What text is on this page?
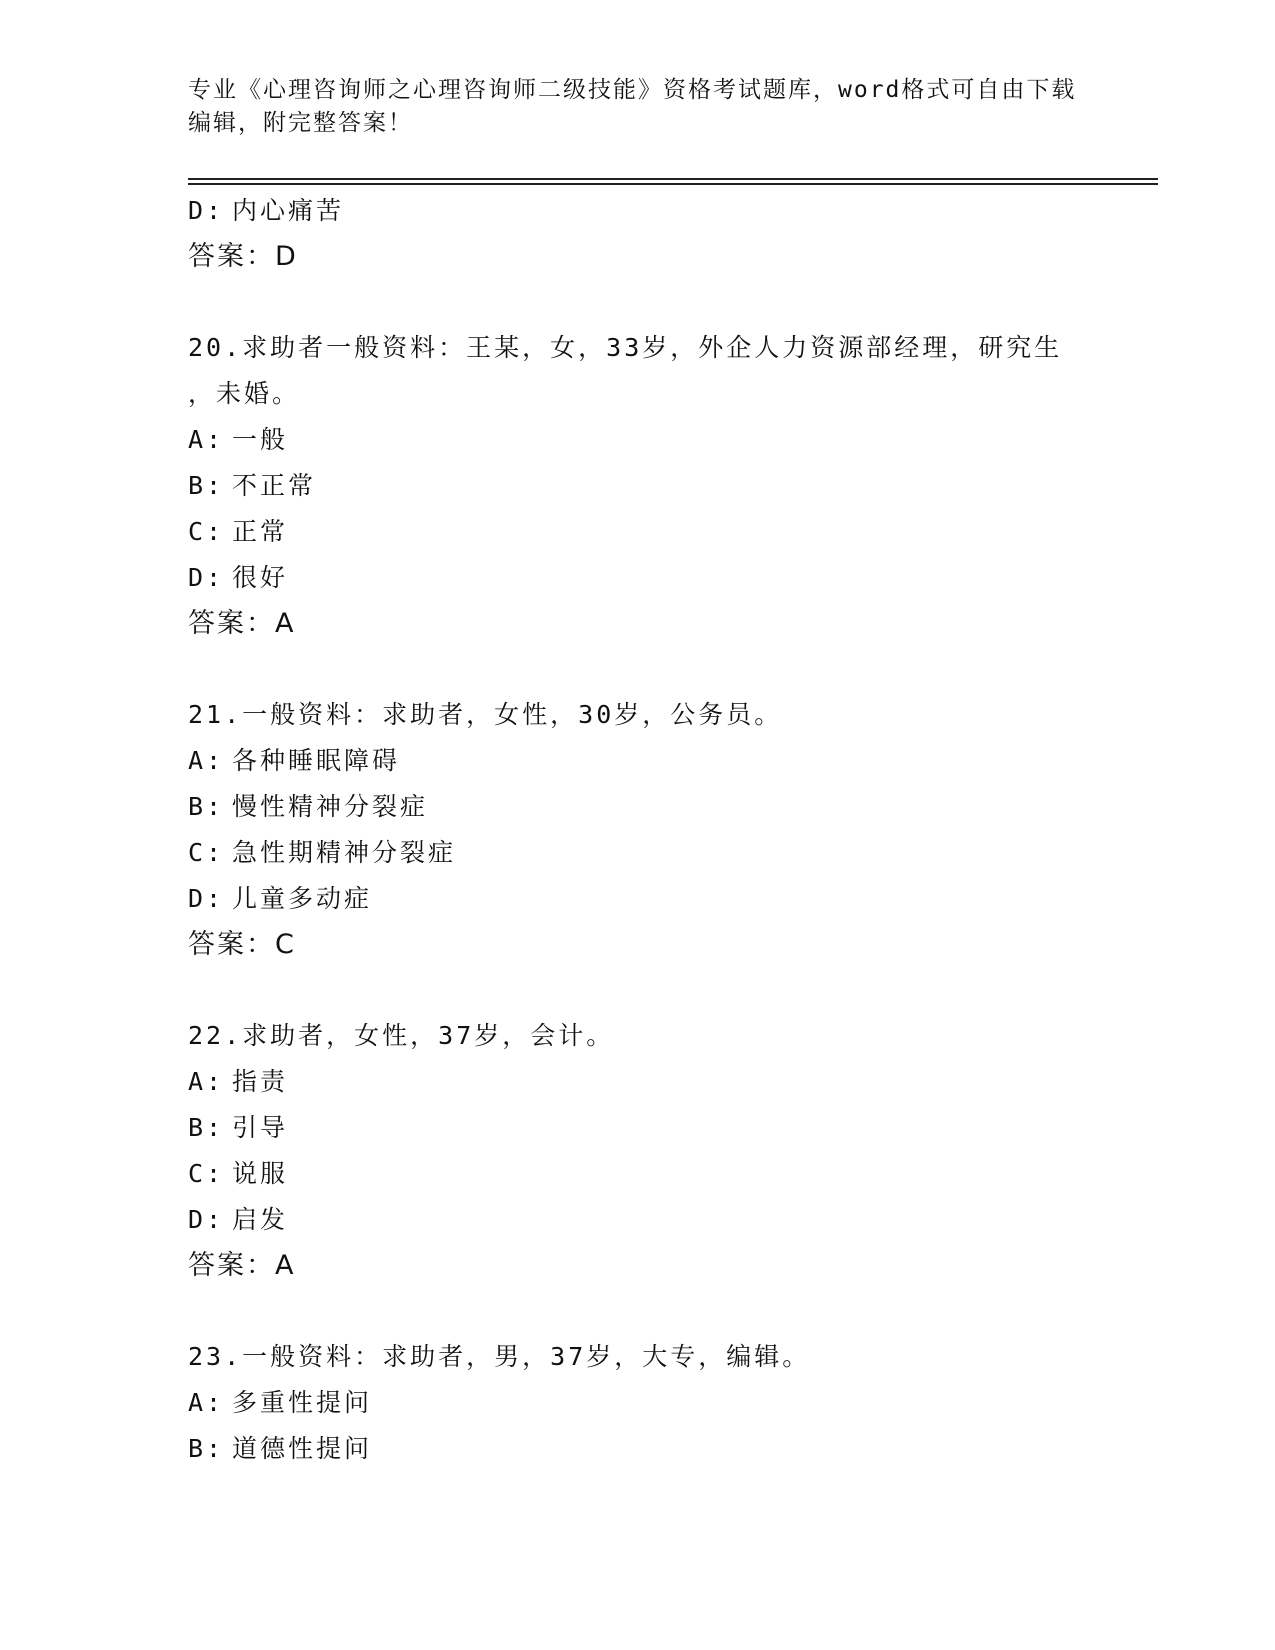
专业《心理咨询师之心理咨询师二级技能》资格考试题库，word格式可自由下载
编辑，附完整答案！
D: 内心痛苦
答案：D
20.求助者一般资料：王某，女，33岁，外企人力资源部经理，研究生
，未婚。
A: 一般
B: 不正常
C: 正常
D: 很好
答案：A
21.一般资料：求助者，女性，30岁，公务员。
A: 各种睡眠障碍
B: 慢性精神分裂症
C: 急性期精神分裂症
D: 儿童多动症
答案：C
22.求助者，女性，37岁，会计。
A: 指责
B: 引导
C: 说服
D: 启发
答案：A
23.一般资料：求助者，男，37岁，大专，编辑。
A: 多重性提问
B: 道德性提问
